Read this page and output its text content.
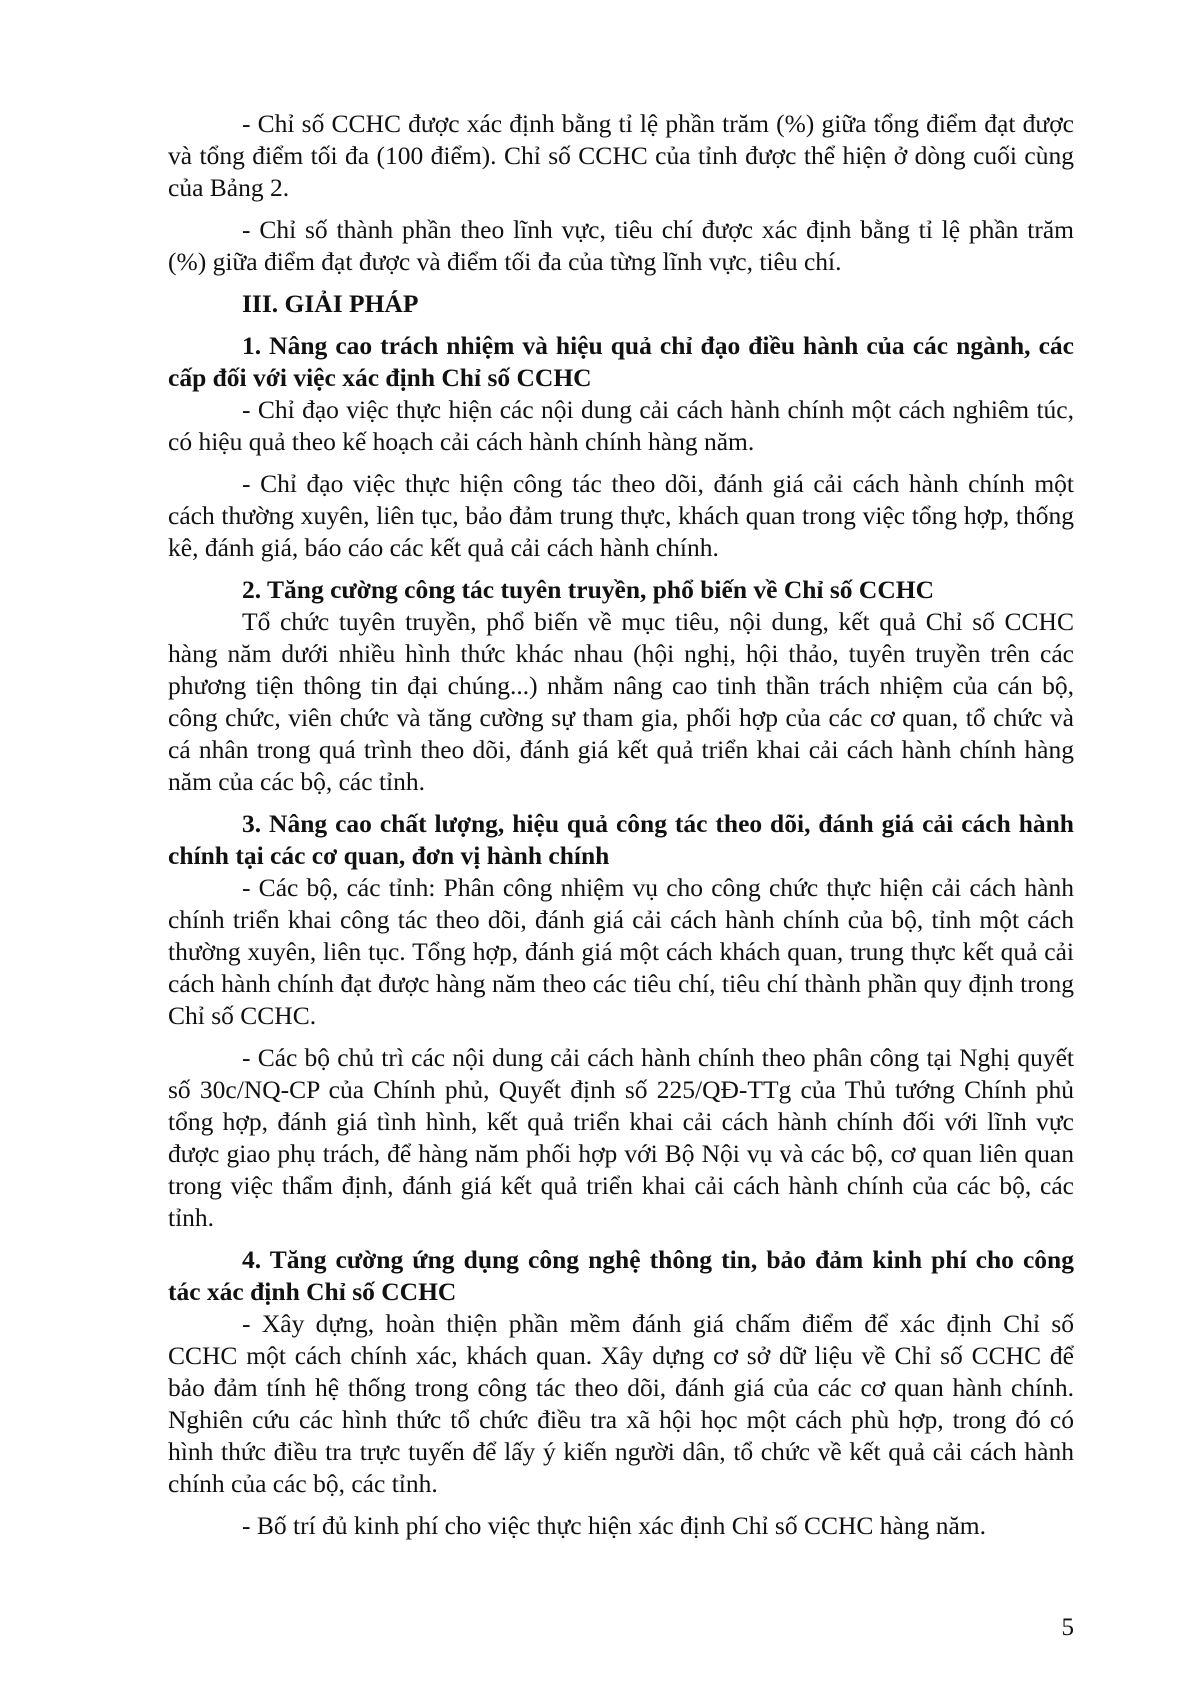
- Chỉ số CCHC được xác định bằng tỉ lệ phần trăm (%) giữa tổng điểm đạt được và tổng điểm tối đa (100 điểm). Chỉ số CCHC của tỉnh được thể hiện ở dòng cuối cùng của Bảng 2.

- Chỉ số thành phần theo lĩnh vực, tiêu chí được xác định bằng tỉ lệ phần trăm (%) giữa điểm đạt được và điểm tối đa của từng lĩnh vực, tiêu chí.

III. GIẢI PHÁP

1. Nâng cao trách nhiệm và hiệu quả chỉ đạo điều hành của các ngành, các cấp đối với việc xác định Chỉ số CCHC

- Chỉ đạo việc thực hiện các nội dung cải cách hành chính một cách nghiêm túc, có hiệu quả theo kế hoạch cải cách hành chính hàng năm.

- Chỉ đạo việc thực hiện công tác theo dõi, đánh giá cải cách hành chính một cách thường xuyên, liên tục, bảo đảm trung thực, khách quan trong việc tổng hợp, thống kê, đánh giá, báo cáo các kết quả cải cách hành chính.

2. Tăng cường công tác tuyên truyền, phổ biến về Chỉ số CCHC

Tổ chức tuyên truyền, phổ biến về mục tiêu, nội dung, kết quả Chỉ số CCHC hàng năm dưới nhiều hình thức khác nhau (hội nghị, hội thảo, tuyên truyền trên các phương tiện thông tin đại chúng...) nhằm nâng cao tinh thần trách nhiệm của cán bộ, công chức, viên chức và tăng cường sự tham gia, phối hợp của các cơ quan, tổ chức và cá nhân trong quá trình theo dõi, đánh giá kết quả triển khai cải cách hành chính hàng năm của các bộ, các tỉnh.

3. Nâng cao chất lượng, hiệu quả công tác theo dõi, đánh giá cải cách hành chính tại các cơ quan, đơn vị hành chính

- Các bộ, các tỉnh: Phân công nhiệm vụ cho công chức thực hiện cải cách hành chính triển khai công tác theo dõi, đánh giá cải cách hành chính của bộ, tỉnh một cách thường xuyên, liên tục. Tổng hợp, đánh giá một cách khách quan, trung thực kết quả cải cách hành chính đạt được hàng năm theo các tiêu chí, tiêu chí thành phần quy định trong Chỉ số CCHC.

- Các bộ chủ trì các nội dung cải cách hành chính theo phân công tại Nghị quyết số 30c/NQ-CP của Chính phủ, Quyết định số 225/QĐ-TTg của Thủ tướng Chính phủ tổng hợp, đánh giá tình hình, kết quả triển khai cải cách hành chính đối với lĩnh vực được giao phụ trách, để hàng năm phối hợp với Bộ Nội vụ và các bộ, cơ quan liên quan trong việc thẩm định, đánh giá kết quả triển khai cải cách hành chính của các bộ, các tỉnh.

4. Tăng cường ứng dụng công nghệ thông tin, bảo đảm kinh phí cho công tác xác định Chỉ số CCHC

- Xây dựng, hoàn thiện phần mềm đánh giá chấm điểm để xác định Chỉ số CCHC một cách chính xác, khách quan. Xây dựng cơ sở dữ liệu về Chỉ số CCHC để bảo đảm tính hệ thống trong công tác theo dõi, đánh giá của các cơ quan hành chính. Nghiên cứu các hình thức tổ chức điều tra xã hội học một cách phù hợp, trong đó có hình thức điều tra trực tuyến để lấy ý kiến người dân, tổ chức về kết quả cải cách hành chính của các bộ, các tỉnh.

- Bố trí đủ kinh phí cho việc thực hiện xác định Chỉ số CCHC hàng năm.

5
